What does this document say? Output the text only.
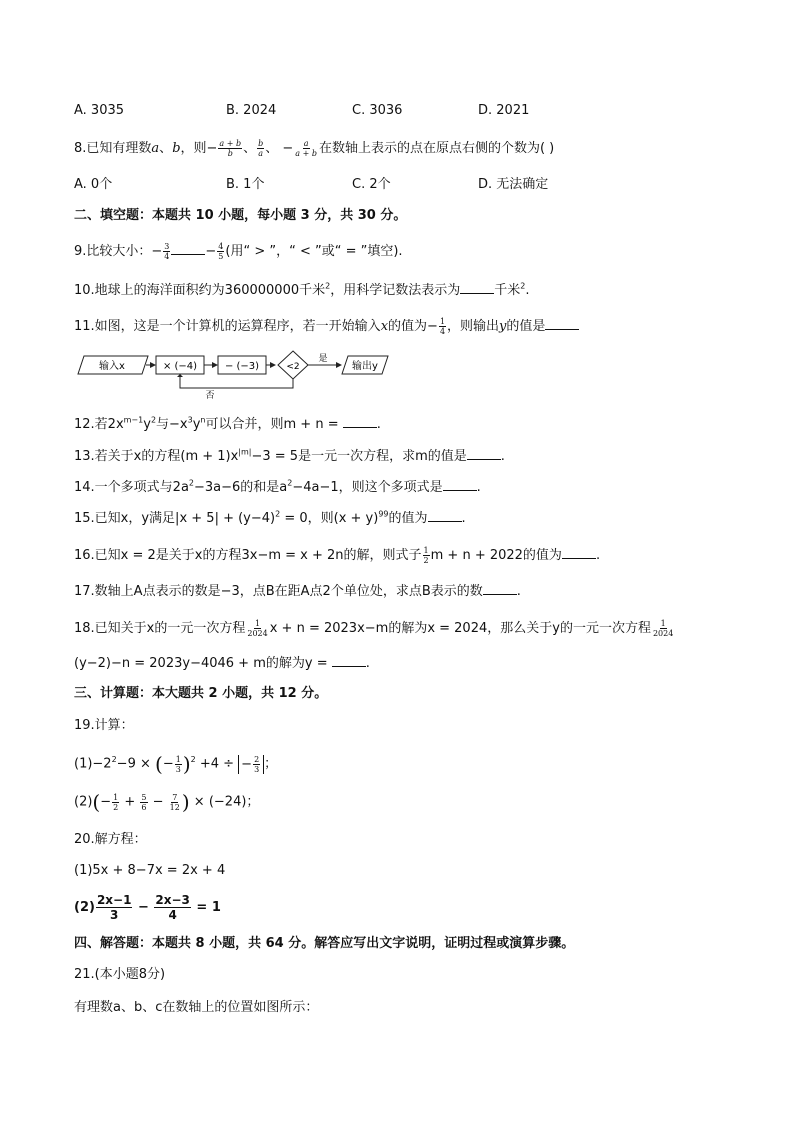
A. 3035	B. 2024	C. 3036	D. 2021
8.已知有理数a、b，则− $\frac{a + b}{b}$ 、 $\frac{b}{a}$ 、 − $\frac{a}{a + b}$ 在数轴上表示的点在原点右侧的个数为( )
A. 0个	B. 1个	C. 2个	D. 无法确定
二、填空题：本题共 10 小题，每小题 3 分，共 30 分。
9.比较大小：− $\frac{3}{4}$	− $\frac{4}{5}$ (用“ > ”，“ < ”或“ = ”填空).
10.地球上的海洋面积约为360000000千米$^2$，用科学记数法表示为	千米$^2$.
11.如图，这是一个计算机的运算程序，若一开始输入x的值为− $\frac{1}{4}$ ，则输出y的值是
输入x	× (−4)	− (−3)	<2
是
输出y
否
12.若$2x^{m-1}y^2$与$-x^3y^n$可以合并，则m + n =	.
13.若关于x的方程$(m + 1)x^{|m|}-3 = 5$是一元一次方程，求m的值是	.
14.一个多项式与$2a^2-3a-6$的和是$a^2-4a-1$，则这个多项式是	.
15.已知x，y满足$|x + 5| + (y-4)^2 = 0$，则$(x + y)^{99}$的值为	.
16.已知x = 2是关于x的方程3x−m = x + 2n的解，则式子 $\frac{1}{2}$ m + n + 2022的值为	.
17.数轴上A点表示的数是−3，点B在距A点2个单位处，求点B表示的数	.
18.已知关于x的一元一次方程 $\frac{1}{2024}$ x + n = 2023x−m的解为x = 2024，那么关于y的一元一次方程 $\frac{1}{2024}$
(y−2)−n = 2023y−4046 + m的解为y =	.
三、计算题：本大题共 2 小题，共 12 分。
19.计算：
$(1)-2^2-9$ × (− $\frac{1}{3} )^2 +4$ ÷ − $\frac{2}{3}$ ；
$(2)(- \frac{1}{2} + \frac{5}{6} - \frac{7}{12}$ ) × (−24)；
20.解方程：
(1)5x + 8−7x = 2x + 4
$(2) \frac{2x-1}{3} - \frac{2x-3}{4} = 1$
四、解答题：本题共 8 小题，共 64 分。解答应写出文字说明，证明过程或演算步骤。
21.(本小题8分)
有理数a、b、c在数轴上的位置如图所示：
